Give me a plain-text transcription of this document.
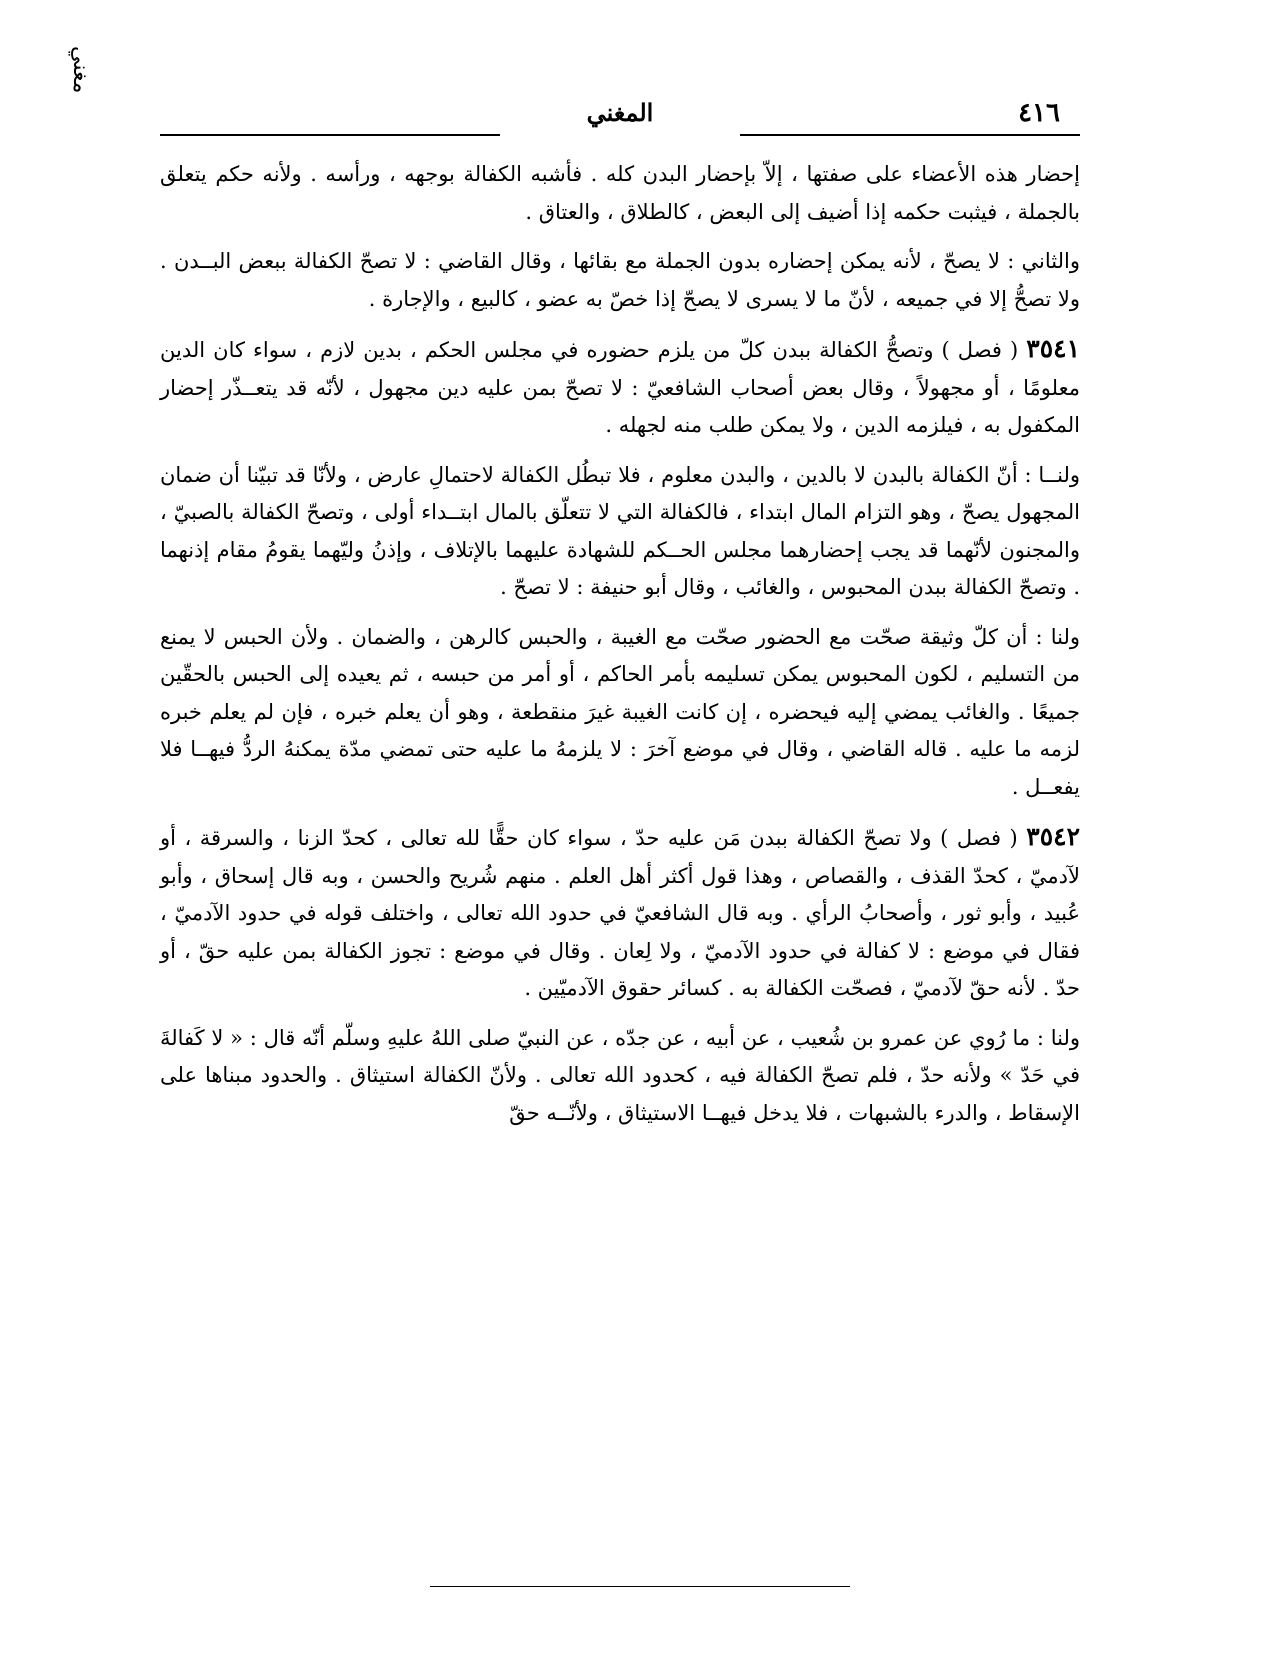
مغني
٤١٦
المغني

إحضار هذه الأعضاء على صفتها ، إلاّ بإحضار البدن كله . فأشبه الكفالة بوجهه ، ورأسه . ولأنه حكم يتعلق بالجملة ، فيثبت حكمه إذا أضيف إلى البعض ، كالطلاق ، والعتاق .

والثاني : لا يصحّ ، لأنه يمكن إحضاره بدون الجملة مع بقائها ، وقال القاضي : لا تصحّ الكفالة ببعض البــدن . ولا تصحُّ إلا في جميعه ، لأنّ ما لا يسرى لا يصحّ إذا خصّ به عضو ، كالبيع ، والإجارة .

٣٥٤١ ( فصل ) وتصحُّ الكفالة ببدن كلّ من يلزم حضوره في مجلس الحكم ، بدين لازم ، سواء كان الدين معلومًا ، أو مجهولاً ، وقال بعض أصحاب الشافعيّ : لا تصحّ بمن عليه دين مجهول ، لأنّه قد يتعــذّر إحضار المكفول به ، فيلزمه الدين ، ولا يمكن طلب منه لجهله .

ولنــا : أنّ الكفالة بالبدن لا بالدين ، والبدن معلوم ، فلا تبطُل الكفالة لاحتمالِ عارض ، ولأنّا قد تبيّنا أن ضمان المجهول يصحّ ، وهو التزام المال ابتداء ، فالكفالة التي لا تتعلّق بالمال ابتــداء أولى ، وتصحّ الكفالة بالصبيّ ، والمجنون لأنّهما قد يجب إحضارهما مجلس الحــكم للشهادة عليهما بالإتلاف ، وإذنُ وليّهما يقومُ مقام إذنهما . وتصحّ الكفالة ببدن المحبوس ، والغائب ، وقال أبو حنيفة : لا تصحّ .

ولنا : أن كلّ وثيقة صحّت مع الحضور صحّت مع الغيبة ، والحبس كالرهن ، والضمان . ولأن الحبس لا يمنع من التسليم ، لكون المحبوس يمكن تسليمه بأمر الحاكم ، أو أمر من حبسه ، ثم يعيده إلى الحبس بالحقّين جميعًا . والغائب يمضي إليه فيحضره ، إن كانت الغيبة غيرَ منقطعة ، وهو أن يعلم خبره ، فإن لم يعلم خبره لزمه ما عليه . قاله القاضي ، وقال في موضع آخرَ : لا يلزمهُ ما عليه حتى تمضي مدّة يمكنهُ الردُّ فيهــا فلا يفعــل .

٣٥٤٢ ( فصل ) ولا تصحّ الكفالة ببدن مَن عليه حدّ ، سواء كان حقًّا لله تعالى ، كحدّ الزنا ، والسرقة ، أو لآدميّ ، كحدّ القذف ، والقصاص ، وهذا قول أكثر أهل العلم . منهم شُريح والحسن ، وبه قال إسحاق ، وأبو عُبيد ، وأبو ثور ، وأصحابُ الرأي . وبه قال الشافعيّ في حدود الله تعالى ، واختلف قوله في حدود الآدميّ ، فقال في موضع : لا كفالة في حدود الآدميّ ، ولا لِعان . وقال في موضع : تجوز الكفالة بمن عليه حقّ ، أو حدّ . لأنه حقّ لآدميّ ، فصحّت الكفالة به . كسائر حقوق الآدميّين .

ولنا : ما رُوي عن عمرو بن شُعيب ، عن أبيه ، عن جدّه ، عن النبيّ صلى اللهُ عليهِ وسلّم أنّه قال : « لا كَفالةَ في حَدّ » ولأنه حدّ ، فلم تصحّ الكفالة فيه ، كحدود الله تعالى . ولأنّ الكفالة استيثاق . والحدود مبناها على الإسقاط ، والدرء بالشبهات ، فلا يدخل فيهــا الاستيثاق ، ولأنّــه حقّ
